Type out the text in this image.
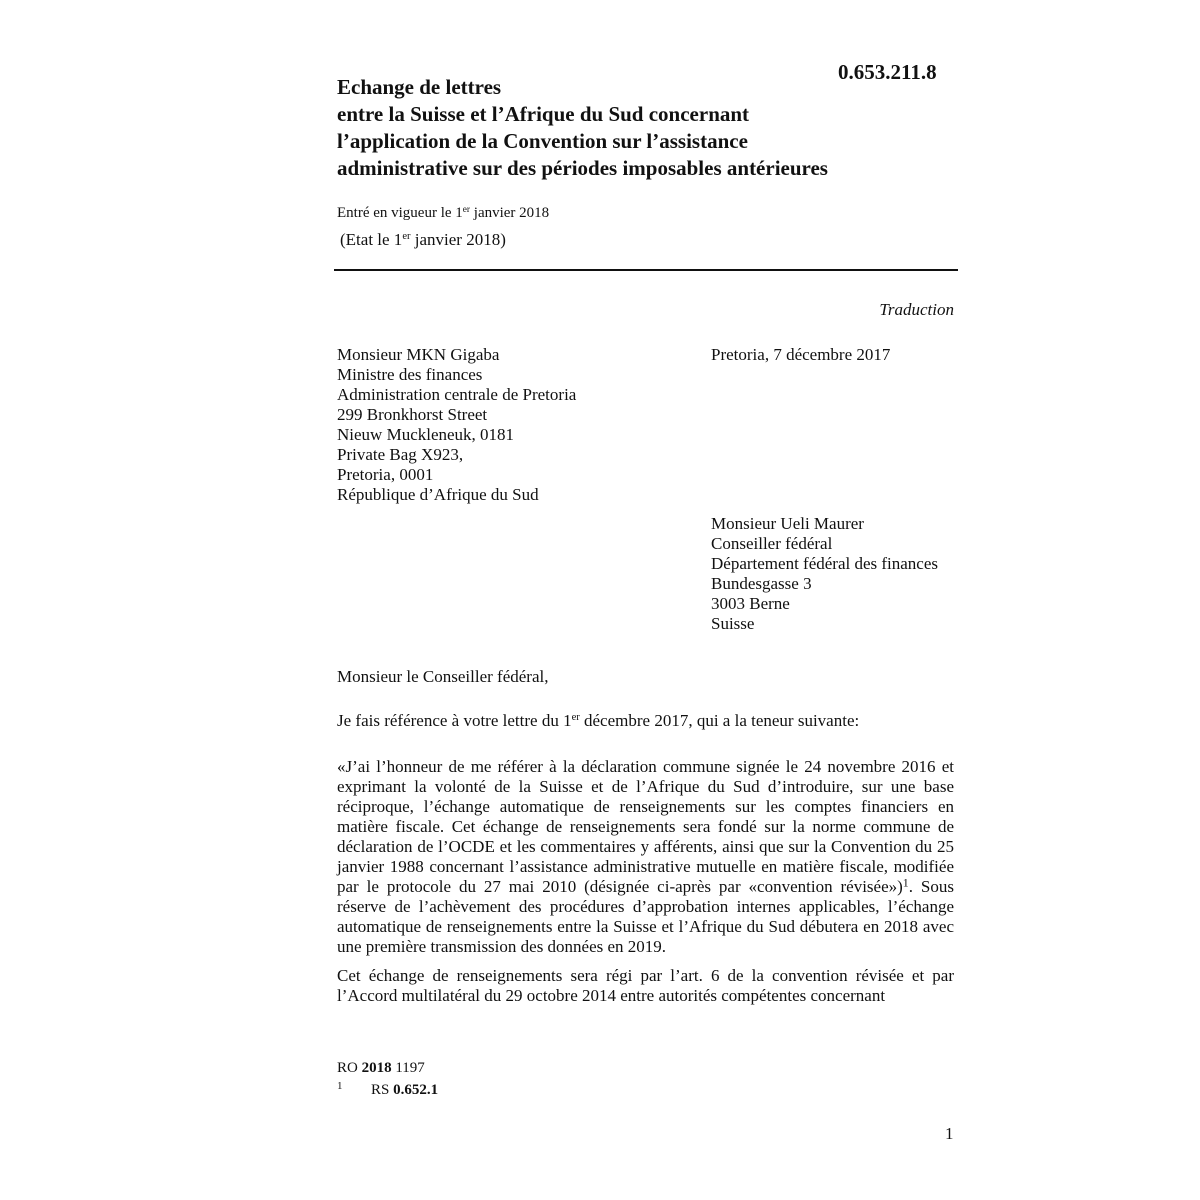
0.653.211.8
Echange de lettres
entre la Suisse et l’Afrique du Sud concernant
l’application de la Convention sur l’assistance
administrative sur des périodes imposables antérieures
Entré en vigueur le 1er janvier 2018
(Etat le 1er janvier 2018)
Traduction
Monsieur MKN Gigaba
Ministre des finances
Administration centrale de Pretoria
299 Bronkhorst Street
Nieuw Muckleneuk, 0181
Private Bag X923,
Pretoria, 0001
République d’Afrique du Sud
Pretoria, 7 décembre 2017
Monsieur Ueli Maurer
Conseiller fédéral
Département fédéral des finances
Bundesgasse 3
3003 Berne
Suisse
Monsieur le Conseiller fédéral,
Je fais référence à votre lettre du 1er décembre 2017, qui a la teneur suivante:
«J’ai l’honneur de me référer à la déclaration commune signée le 24 novembre 2016 et exprimant la volonté de la Suisse et de l’Afrique du Sud d’introduire, sur une base réciproque, l’échange automatique de renseignements sur les comptes financiers en matière fiscale. Cet échange de renseignements sera fondé sur la norme commune de déclaration de l’OCDE et les commentaires y afférents, ainsi que sur la Convention du 25 janvier 1988 concernant l’assistance administrative mutuelle en matière fiscale, modifiée par le protocole du 27 mai 2010 (désignée ci-après par «convention révisée»)$^1$. Sous réserve de l’achèvement des procédures d’approbation internes applicables, l’échange automatique de renseignements entre la Suisse et l’Afrique du Sud débutera en 2018 avec une première transmission des données en 2019.
Cet échange de renseignements sera régi par l’art. 6 de la convention révisée et par l’Accord multilatéral du 29 octobre 2014 entre autorités compétentes concernant
RO 2018 1197
1 RS 0.652.1
1
